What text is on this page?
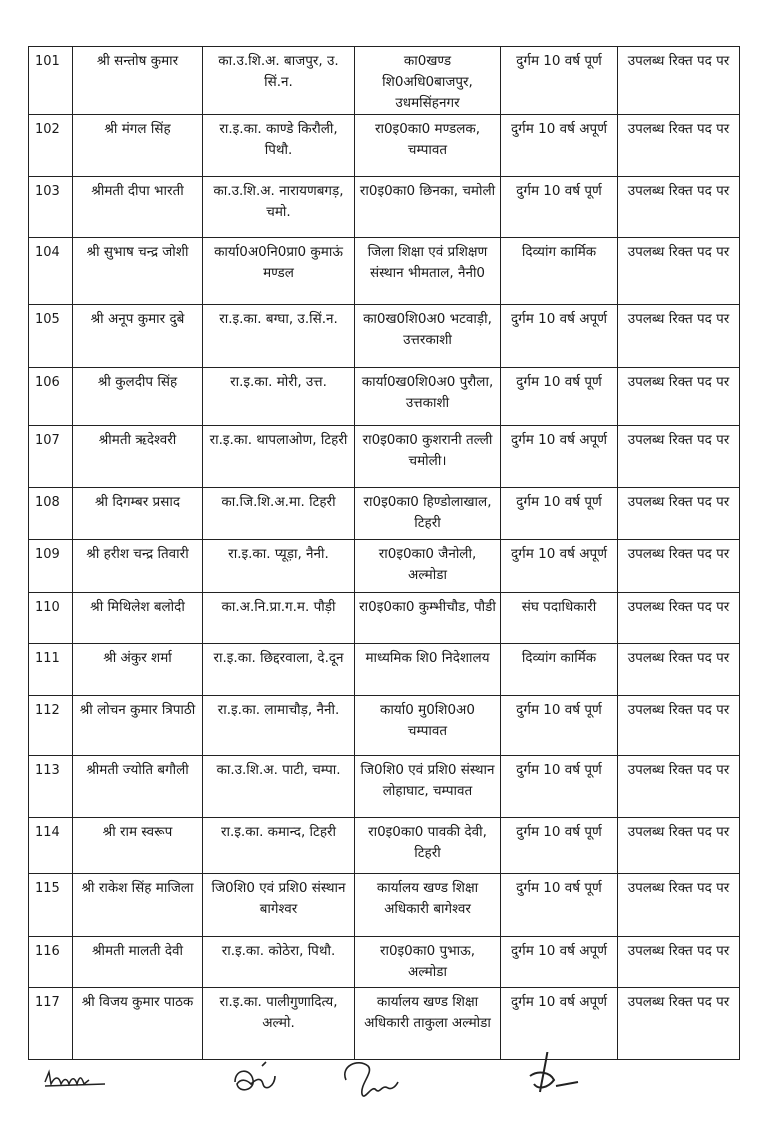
101	श्री सन्तोष कुमार	का.उ.शि.अ. बाजपुर, उ. सिं.न.	का0खण्ड शि0अधि0बाजपुर, उधमसिंहनगर	दुर्गम 10 वर्ष पूर्ण	उपलब्ध रिक्त पद पर
102	श्री मंगल सिंह	रा.इ.का. काण्डे किरौली, पिथौ.	रा0इ0का0 मण्डलक, चम्पावत	दुर्गम 10 वर्ष अपूर्ण	उपलब्ध रिक्त पद पर
103	श्रीमती दीपा भारती	का.उ.शि.अ. नारायणबगड़, चमो.	रा0इ0का0 छिनका, चमोली	दुर्गम 10 वर्ष पूर्ण	उपलब्ध रिक्त पद पर
104	श्री सुभाष चन्द्र जोशी	कार्या0अ0नि0प्रा0 कुमाऊं मण्डल	जिला शिक्षा एवं प्रशिक्षण संस्थान भीमताल, नैनी0	दिव्यांग कार्मिक	उपलब्ध रिक्त पद पर
105	श्री अनूप कुमार दुबे	रा.इ.का. बग्घा, उ.सिं.न.	का0ख0शि0अ0 भटवाड़ी, उत्तरकाशी	दुर्गम 10 वर्ष अपूर्ण	उपलब्ध रिक्त पद पर
106	श्री कुलदीप सिंह	रा.इ.का. मोरी, उत्त.	कार्या0ख0शि0अ0 पुरौला, उत्तकाशी	दुर्गम 10 वर्ष पूर्ण	उपलब्ध रिक्त पद पर
107	श्रीमती ऋदेश्वरी	रा.इ.का. थापलाओण, टिहरी	रा0इ0का0 कुशरानी तल्ली चमोली।	दुर्गम 10 वर्ष अपूर्ण	उपलब्ध रिक्त पद पर
108	श्री दिगम्बर प्रसाद	का.जि.शि.अ.मा. टिहरी	रा0इ0का0 हिण्डोलाखाल, टिहरी	दुर्गम 10 वर्ष पूर्ण	उपलब्ध रिक्त पद पर
109	श्री हरीश चन्द्र तिवारी	रा.इ.का. प्यूड़ा, नैनी.	रा0इ0का0 जैनोली, अल्मोडा	दुर्गम 10 वर्ष अपूर्ण	उपलब्ध रिक्त पद पर
110	श्री मिथिलेश बलोदी	का.अ.नि.प्रा.ग.म. पौड़ी	रा0इ0का0 कुम्भीचौड, पौडी	संघ पदाधिकारी	उपलब्ध रिक्त पद पर
111	श्री अंकुर शर्मा	रा.इ.का. छिद्दरवाला, दे.दून	माध्यमिक शि0 निदेशालय	दिव्यांग कार्मिक	उपलब्ध रिक्त पद पर
112	श्री लोचन कुमार त्रिपाठी	रा.इ.का. लामाचौड़, नैनी.	कार्या0 मु0शि0अ0 चम्पावत	दुर्गम 10 वर्ष पूर्ण	उपलब्ध रिक्त पद पर
113	श्रीमती ज्योति बगौली	का.उ.शि.अ. पाटी, चम्पा.	जि0शि0 एवं प्रशि0 संस्थान लोहाघाट, चम्पावत	दुर्गम 10 वर्ष पूर्ण	उपलब्ध रिक्त पद पर
114	श्री राम स्वरूप	रा.इ.का. कमान्द, टिहरी	रा0इ0का0 पावकी देवी, टिहरी	दुर्गम 10 वर्ष पूर्ण	उपलब्ध रिक्त पद पर
115	श्री राकेश सिंह माजिला	जि0शि0 एवं प्रशि0 संस्थान बागेश्वर	कार्यालय खण्ड शिक्षा अधिकारी बागेश्वर	दुर्गम 10 वर्ष पूर्ण	उपलब्ध रिक्त पद पर
116	श्रीमती मालती देवी	रा.इ.का. कोठेरा, पिथौ.	रा0इ0का0 पुभाऊ, अल्मोडा	दुर्गम 10 वर्ष अपूर्ण	उपलब्ध रिक्त पद पर
117	श्री विजय कुमार पाठक	रा.इ.का. पालीगुणादित्य, अल्मो.	कार्यालय खण्ड शिक्षा अधिकारी ताकुला अल्मोडा	दुर्गम 10 वर्ष अपूर्ण	उपलब्ध रिक्त पद पर
